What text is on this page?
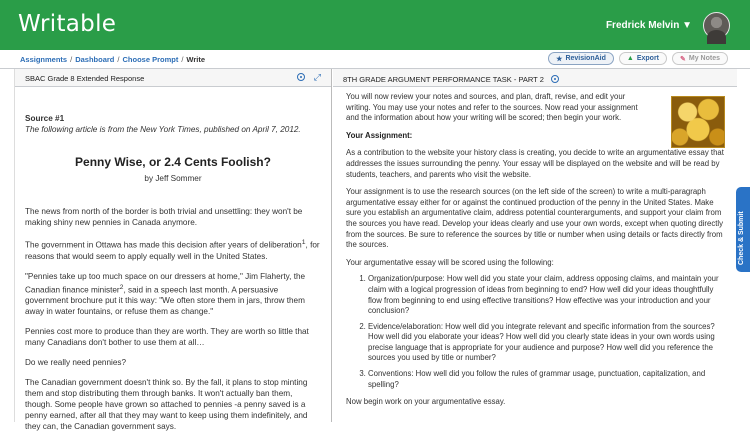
Writable	Fredrick Melvin ▼
Assignments / Dashboard / Choose Prompt / Write	★ RevisionAid	▲ Export	✎ My Notes
SBAC Grade 8 Extended Response	⤢
Source #1
The following article is from the New York Times, published on April 7, 2012.
Penny Wise, or 2.4 Cents Foolish?
by Jeff Sommer

The news from north of the border is both trivial and unsettling: they won't be making shiny new pennies in Canada anymore.

The government in Ottawa has made this decision after years of deliberation$^1$, for reasons that would seem to apply equally well in the United States.

"Pennies take up too much space on our dressers at home," Jim Flaherty, the Canadian finance minister$^2$, said in a speech last month. A persuasive government brochure put it this way: "We often store them in jars, throw them away in water fountains, or refuse them as change."

Pennies cost more to produce than they are worth. They are worth so little that many Canadians don't bother to use them at all…

Do we really need pennies?

The Canadian government doesn't think so. By the fall, it plans to stop minting them and stop distributing them through banks. It won't actually ban them, though. Some people have grown so attached to pennies -a penny saved is a penny earned, after all that they may want to keep using them indefinitely, and they can, the Canadian government says.

8TH GRADE ARGUMENT PERFORMANCE TASK - PART 2

You will now review your notes and sources, and plan, draft, revise, and edit your writing. You may use your notes and refer to the sources. Now read your assignment and the information about how your writing will be scored; then begin your work.

Your Assignment:

As a contribution to the website your history class is creating, you decide to write an argumentative essay that addresses the issues surrounding the penny. Your essay will be displayed on the website and will be read by students, teachers, and parents who visit the website.

Your assignment is to use the research sources (on the left side of the screen) to write a multi-paragraph argumentative essay either for or against the continued production of the penny in the United States. Make sure you establish an argumentative claim, address potential counterarguments, and support your claim from the sources you have read. Develop your ideas clearly and use your own words, except when quoting directly from the sources. Be sure to reference the sources by title or number when using details or facts directly from the sources.

Your argumentative essay will be scored using the following:

1. Organization/purpose: How well did you state your claim, address opposing claims, and maintain your claim with a logical progression of ideas from beginning to end? How well did your ideas thoughtfully flow from beginning to end using effective transitions? How effective was your introduction and your conclusion?
2. Evidence/elaboration: How well did you integrate relevant and specific information from the sources? How well did you elaborate your ideas? How well did you clearly state ideas in your own words using precise language that is appropriate for your audience and purpose? How well did you reference the sources you used by title or number?
3. Conventions: How well did you follow the rules of grammar usage, punctuation, capitalization, and spelling?

Now begin work on your argumentative essay.

Check & Submit
